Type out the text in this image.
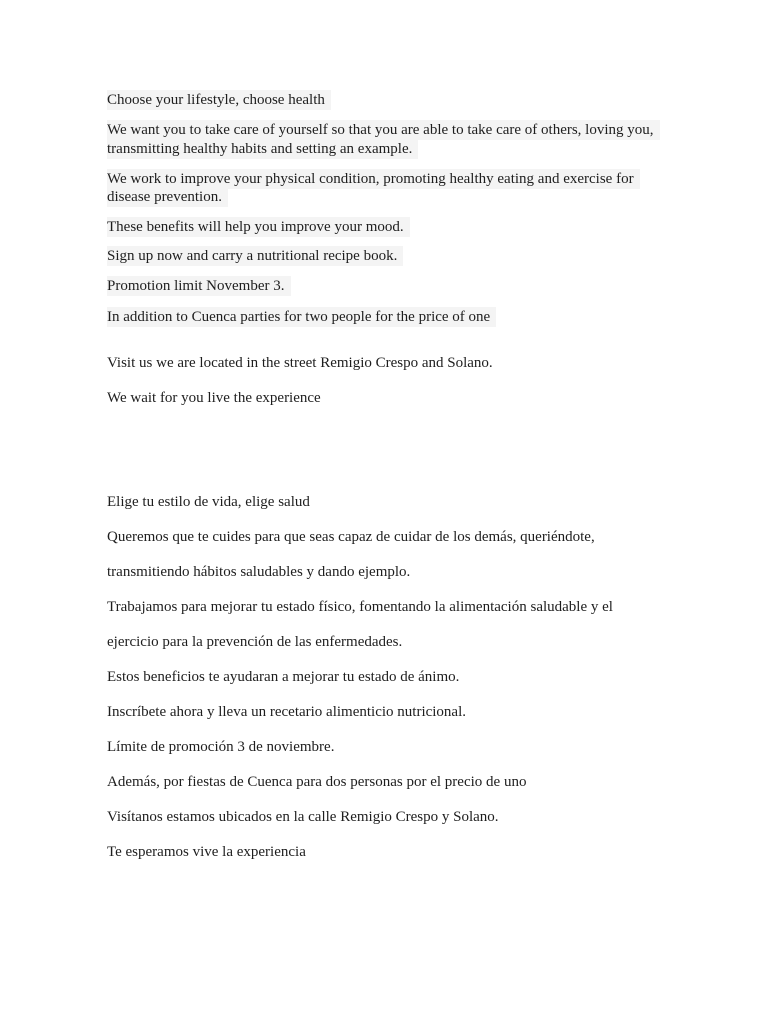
Choose your lifestyle, choose health
We want you to take care of yourself so that you are able to take care of others, loving you,
transmitting healthy habits and setting an example.
We work to improve your physical condition, promoting healthy eating and exercise for
disease prevention.
These benefits will help you improve your mood.
Sign up now and carry a nutritional recipe book.
Promotion limit November 3.
In addition to Cuenca parties for two people for the price of one
Visit us we are located in the street Remigio Crespo and Solano.
We wait for you live the experience
Elige tu estilo de vida, elige salud
Queremos que te cuides para que seas capaz de cuidar de los demás, queriéndote,
transmitiendo hábitos saludables y dando ejemplo.
Trabajamos para mejorar tu estado físico, fomentando la alimentación saludable y el
ejercicio para la prevención de las enfermedades.
Estos beneficios te ayudaran a mejorar tu estado de ánimo.
Inscríbete ahora y lleva un recetario alimenticio nutricional.
Límite de promoción 3 de noviembre.
Además, por fiestas de Cuenca para dos personas por el precio de uno
Visítanos estamos ubicados en la calle Remigio Crespo y Solano.
Te esperamos vive la experiencia
